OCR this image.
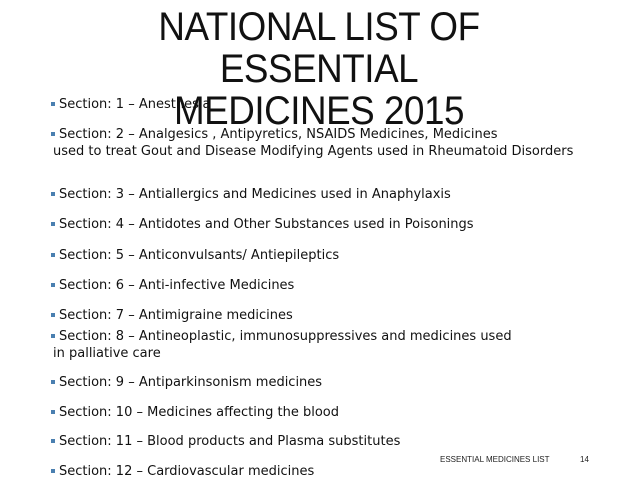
NATIONAL LIST OF ESSENTIAL
MEDICINES 2015
Section: 1 – Anesthesia
Section: 2 – Analgesics , Antipyretics, NSAIDS Medicines, Medicines
used to treat Gout and Disease Modifying Agents used in Rheumatoid Disorders
Section: 3 – Antiallergics and Medicines used in Anaphylaxis
Section: 4 – Antidotes and Other Substances used in Poisonings
Section: 5 – Anticonvulsants/ Antiepileptics
Section: 6 – Anti-infective Medicines
Section: 7 – Antimigraine medicines
Section: 8 – Antineoplastic, immunosuppressives and medicines used
in palliative care
Section: 9 – Antiparkinsonism medicines
Section: 10 – Medicines affecting the blood
Section: 11 – Blood products and Plasma substitutes
Section: 12 – Cardiovascular medicines
ESSENTIAL MEDICINES LIST	14
